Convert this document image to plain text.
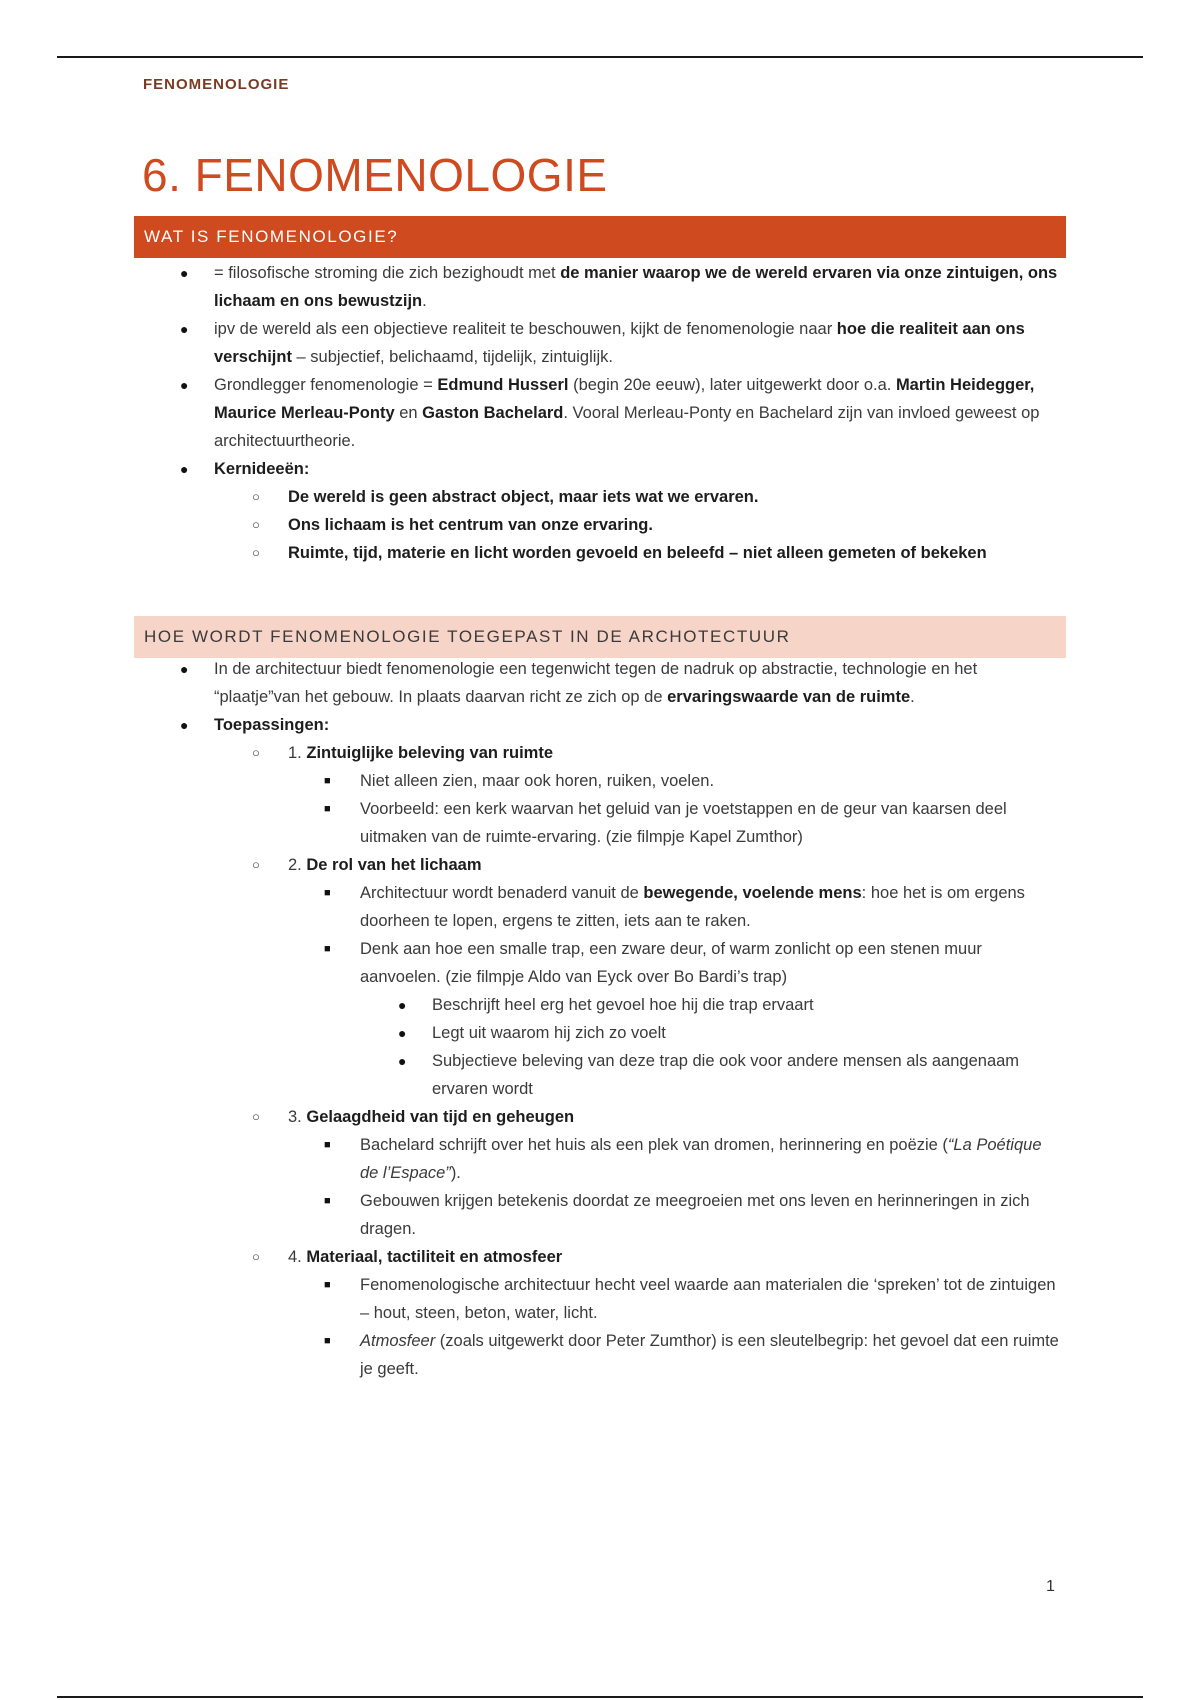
FENOMENOLOGIE
6. FENOMENOLOGIE
WAT IS FENOMENOLOGIE?
● = filosofische stroming die zich bezighoudt met de manier waarop we de wereld ervaren via onze zintuigen, ons lichaam en ons bewustzijn.
● ipv de wereld als een objectieve realiteit te beschouwen, kijkt de fenomenologie naar hoe die realiteit aan ons verschijnt – subjectief, belichaamd, tijdelijk, zintuiglijk.
● Grondlegger fenomenologie = Edmund Husserl (begin 20e eeuw), later uitgewerkt door o.a. Martin Heidegger, Maurice Merleau-Ponty en Gaston Bachelard. Vooral Merleau-Ponty en Bachelard zijn van invloed geweest op architectuurtheorie.
● Kernideeën:
○ De wereld is geen abstract object, maar iets wat we ervaren.
○ Ons lichaam is het centrum van onze ervaring.
○ Ruimte, tijd, materie en licht worden gevoeld en beleefd – niet alleen gemeten of bekeken
HOE WORDT FENOMENOLOGIE TOEGEPAST IN DE ARCHOTECTUUR
● In de architectuur biedt fenomenologie een tegenwicht tegen de nadruk op abstractie, technologie en het “plaatje”van het gebouw. In plaats daarvan richt ze zich op de ervaringswaarde van de ruimte.
● Toepassingen:
○ 1. Zintuiglijke beleving van ruimte
■ Niet alleen zien, maar ook horen, ruiken, voelen.
■ Voorbeeld: een kerk waarvan het geluid van je voetstappen en de geur van kaarsen deel uitmaken van de ruimte-ervaring. (zie filmpje Kapel Zumthor)
○ 2. De rol van het lichaam
■ Architectuur wordt benaderd vanuit de bewegende, voelende mens: hoe het is om ergens doorheen te lopen, ergens te zitten, iets aan te raken.
■ Denk aan hoe een smalle trap, een zware deur, of warm zonlicht op een stenen muur aanvoelen. (zie filmpje Aldo van Eyck over Bo Bardi’s trap)
● Beschrijft heel erg het gevoel hoe hij die trap ervaart
● Legt uit waarom hij zich zo voelt
● Subjectieve beleving van deze trap die ook voor andere mensen als aangenaam ervaren wordt
○ 3. Gelaagdheid van tijd en geheugen
■ Bachelard schrijft over het huis als een plek van dromen, herinnering en poëzie (“La Poétique de l’Espace”).
■ Gebouwen krijgen betekenis doordat ze meegroeien met ons leven en herinneringen in zich dragen.
○ 4. Materiaal, tactiliteit en atmosfeer
■ Fenomenologische architectuur hecht veel waarde aan materialen die ‘spreken’ tot de zintuigen – hout, steen, beton, water, licht.
■ Atmosfeer (zoals uitgewerkt door Peter Zumthor) is een sleutelbegrip: het gevoel dat een ruimte je geeft.
1
